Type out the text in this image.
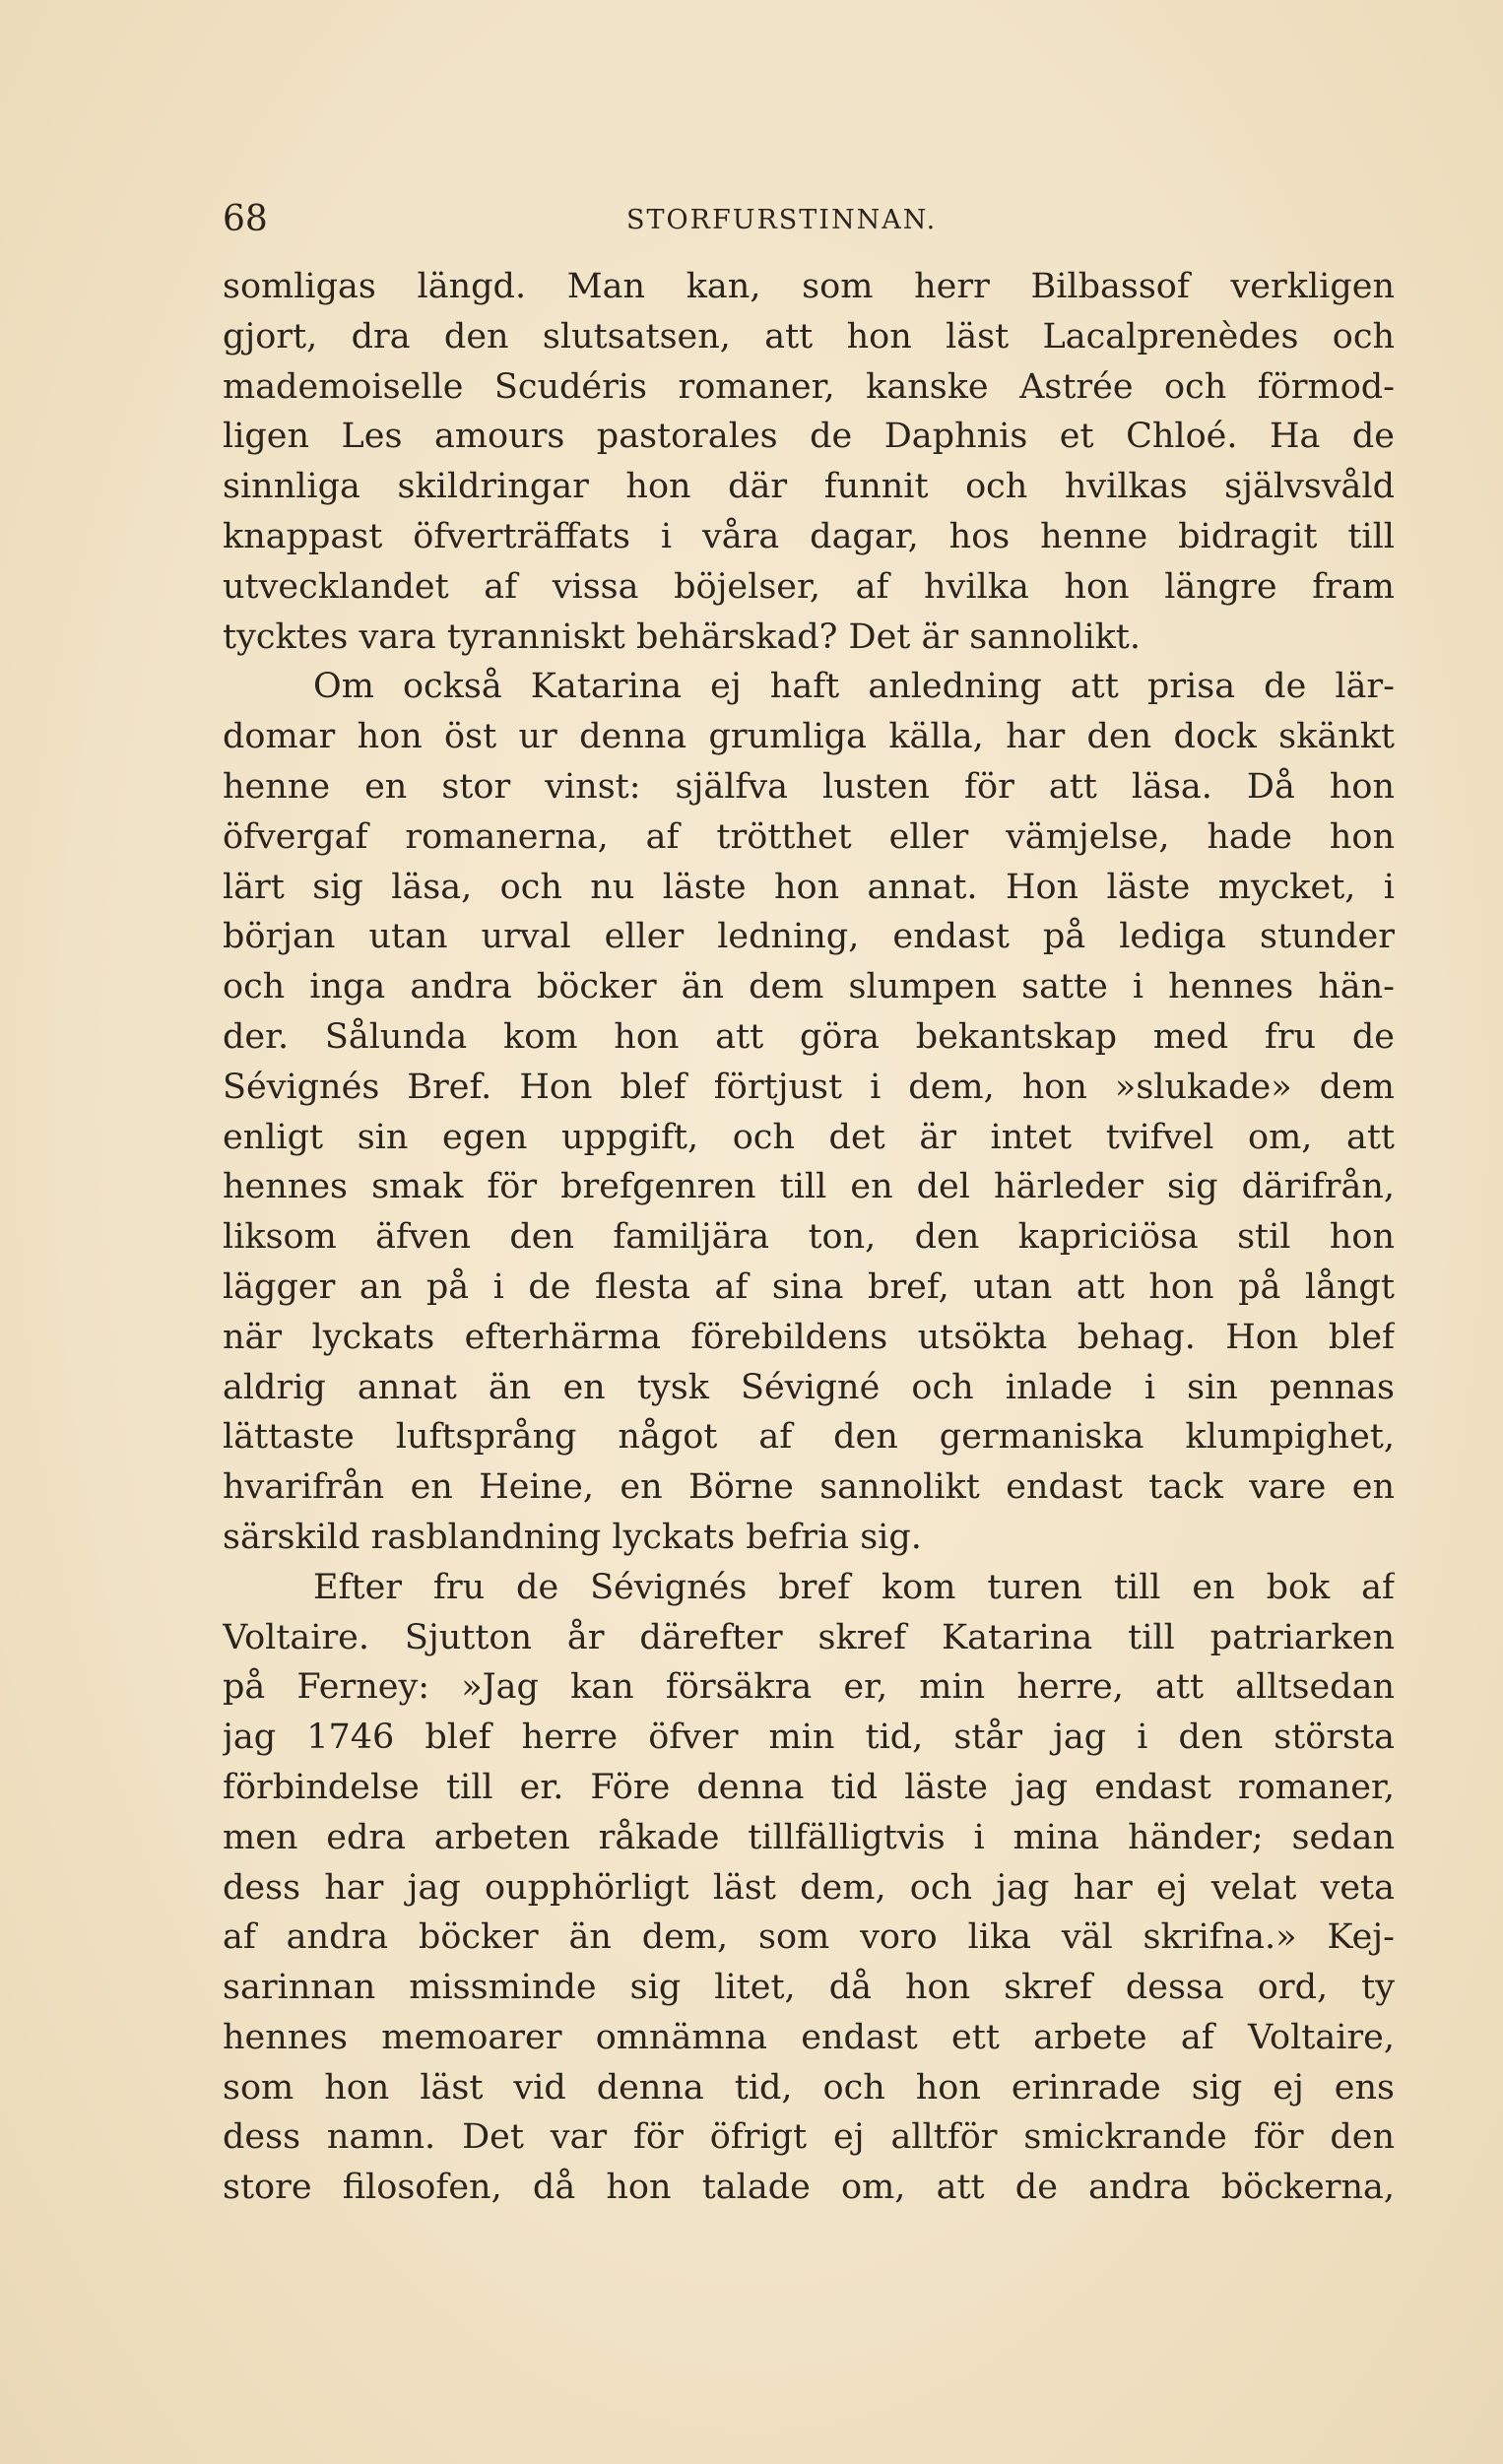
68	STORFURSTINNAN.
somligas längd. Man kan, som herr Bilbassof verkligen
gjort, dra den slutsatsen, att hon läst Lacalprenèdes och
mademoiselle Scudéris romaner, kanske Astrée och förmod-
ligen Les amours pastorales de Daphnis et Chloé. Ha de
sinnliga skildringar hon där funnit och hvilkas självsvåld
knappast öfverträffats i våra dagar, hos henne bidragit till
utvecklandet af vissa böjelser, af hvilka hon längre fram
tycktes vara tyranniskt behärskad? Det är sannolikt.
Om också Katarina ej haft anledning att prisa de lär-
domar hon öst ur denna grumliga källa, har den dock skänkt
henne en stor vinst: själfva lusten för att läsa. Då hon
öfvergaf romanerna, af trötthet eller vämjelse, hade hon
lärt sig läsa, och nu läste hon annat. Hon läste mycket, i
början utan urval eller ledning, endast på lediga stunder
och inga andra böcker än dem slumpen satte i hennes hän-
der. Sålunda kom hon att göra bekantskap med fru de
Sévignés Bref. Hon blef förtjust i dem, hon »slukade» dem
enligt sin egen uppgift, och det är intet tvifvel om, att
hennes smak för brefgenren till en del härleder sig därifrån,
liksom äfven den familjära ton, den kapriciösa stil hon
lägger an på i de flesta af sina bref, utan att hon på långt
när lyckats efterhärma förebildens utsökta behag. Hon blef
aldrig annat än en tysk Sévigné och inlade i sin pennas
lättaste luftsprång något af den germaniska klumpighet,
hvarifrån en Heine, en Börne sannolikt endast tack vare en
särskild rasblandning lyckats befria sig.
Efter fru de Sévignés bref kom turen till en bok af
Voltaire. Sjutton år därefter skref Katarina till patriarken
på Ferney: »Jag kan försäkra er, min herre, att alltsedan
jag 1746 blef herre öfver min tid, står jag i den största
förbindelse till er. Före denna tid läste jag endast romaner,
men edra arbeten råkade tillfälligtvis i mina händer; sedan
dess har jag oupphörligt läst dem, och jag har ej velat veta
af andra böcker än dem, som voro lika väl skrifna.» Kej-
sarinnan missminde sig litet, då hon skref dessa ord, ty
hennes memoarer omnämna endast ett arbete af Voltaire,
som hon läst vid denna tid, och hon erinrade sig ej ens
dess namn. Det var för öfrigt ej alltför smickrande för den
store filosofen, då hon talade om, att de andra böckerna,
